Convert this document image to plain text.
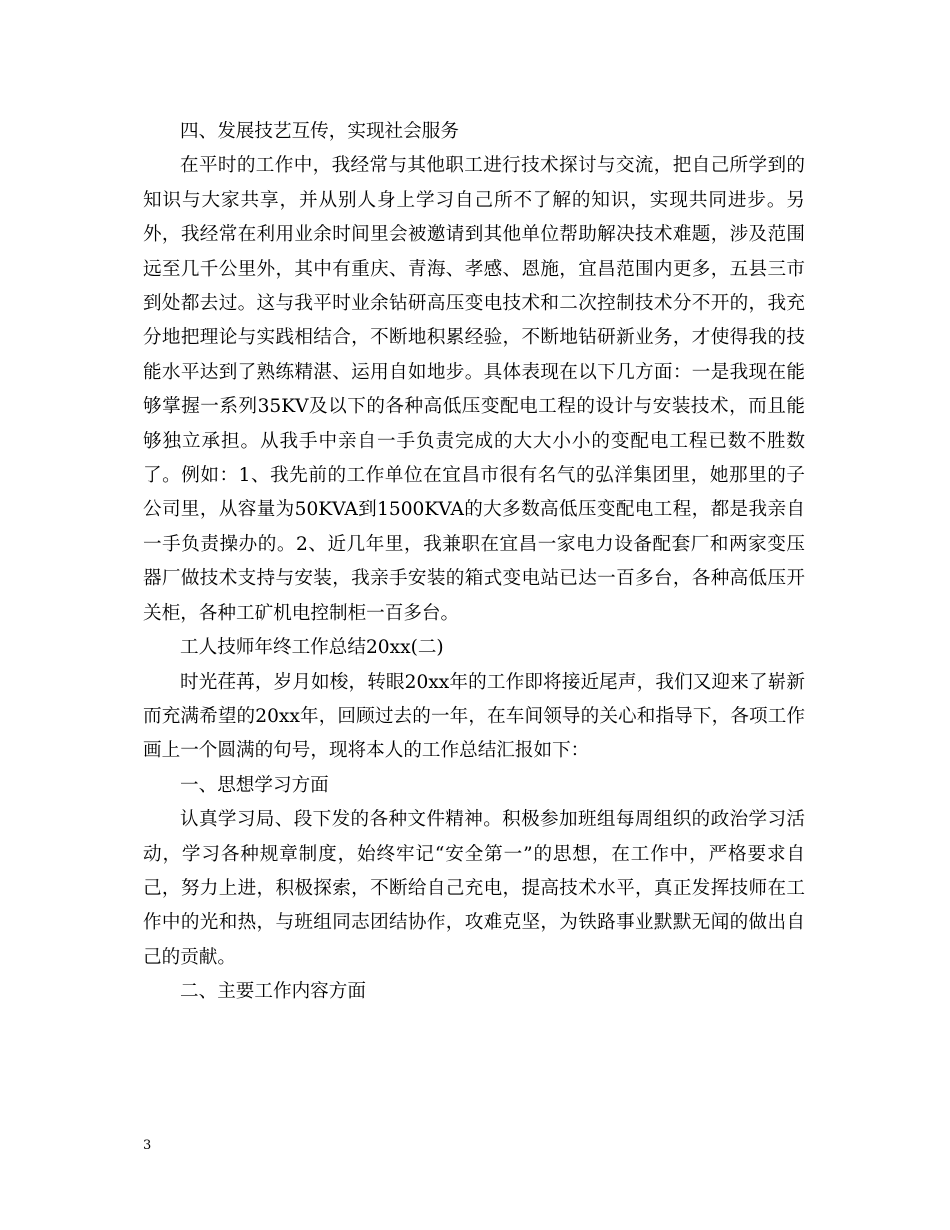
四、发展技艺互传，实现社会服务

在平时的工作中，我经常与其他职工进行技术探讨与交流，把自己所学到的知识与大家共享，并从别人身上学习自己所不了解的知识，实现共同进步。另外，我经常在利用业余时间里会被邀请到其他单位帮助解决技术难题，涉及范围远至几千公里外，其中有重庆、青海、孝感、恩施，宜昌范围内更多，五县三市到处都去过。这与我平时业余钻研高压变电技术和二次控制技术分不开的，我充分地把理论与实践相结合，不断地积累经验，不断地钻研新业务，才使得我的技能水平达到了熟练精湛、运用自如地步。具体表现在以下几方面：一是我现在能够掌握一系列35KV及以下的各种高低压变配电工程的设计与安装技术，而且能够独立承担。从我手中亲自一手负责完成的大大小小的变配电工程已数不胜数了。例如：1、我先前的工作单位在宜昌市很有名气的弘洋集团里，她那里的子公司里，从容量为50KVA到1500KVA的大多数高低压变配电工程，都是我亲自一手负责操办的。2、近几年里，我兼职在宜昌一家电力设备配套厂和两家变压器厂做技术支持与安装，我亲手安装的箱式变电站已达一百多台，各种高低压开关柜，各种工矿机电控制柜一百多台。

工人技师年终工作总结20xx(二)

时光荏苒，岁月如梭，转眼20xx年的工作即将接近尾声，我们又迎来了崭新而充满希望的20xx年，回顾过去的一年，在车间领导的关心和指导下，各项工作画上一个圆满的句号，现将本人的工作总结汇报如下：

一、思想学习方面

认真学习局、段下发的各种文件精神。积极参加班组每周组织的政治学习活动，学习各种规章制度，始终牢记“安全第一”的思想，在工作中，严格要求自己，努力上进，积极探索，不断给自己充电，提高技术水平，真正发挥技师在工作中的光和热，与班组同志团结协作，攻难克坚，为铁路事业默默无闻的做出自己的贡献。

二、主要工作内容方面

3
